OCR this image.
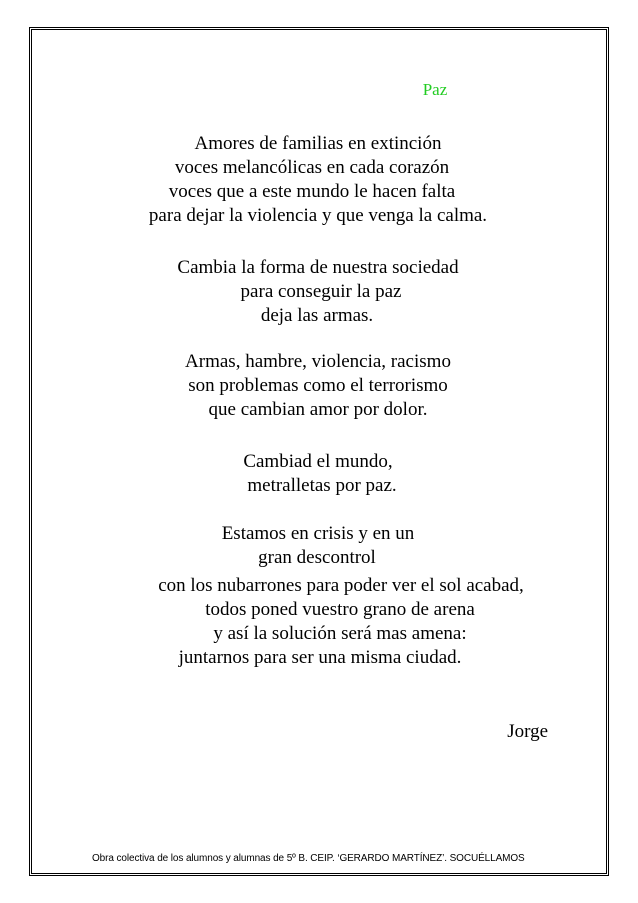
Paz
Amores de familias en extinción
voces melancólicas en cada corazón
voces que a este mundo le hacen falta
para dejar la violencia y que venga la calma.
Cambia la forma de nuestra sociedad
para conseguir la paz
deja las armas.
Armas, hambre, violencia, racismo
son problemas como el terrorismo
que cambian amor por dolor.
Cambiad el mundo,
metralletas por paz.
Estamos en crisis y en un
gran descontrol
con los nubarrones para poder ver el sol acabad,
todos poned vuestro grano de arena
y así la solución será mas amena:
juntarnos para ser una misma ciudad.
Jorge
Obra colectiva de los alumnos y alumnas de 5º B. CEIP. ‘GERARDO MARTÍNEZ’. SOCUÉLLAMOS
